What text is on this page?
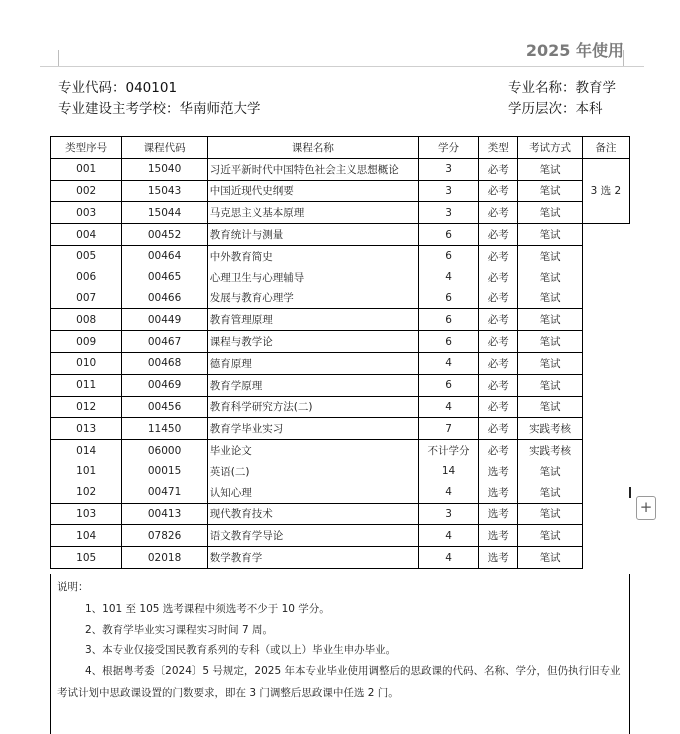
2025 年使用
专业代码：040101	专业名称：教育学
专业建设主考学校：华南师范大学	学历层次：本科
类型序号	课程代码	课程名称	学分	类型	考试方式	备注
001	15040	习近平新时代中国特色社会主义思想概论	3	必考	笔试	3 选 2
002	15043	中国近现代史纲要	3	必考	笔试	
003	15044	马克思主义基本原理	3	必考	笔试	
004	00452	教育统计与测量	6	必考	笔试	
005	00464	中外教育简史	6	必考	笔试	
006	00465	心理卫生与心理辅导	4	必考	笔试	
007	00466	发展与教育心理学	6	必考	笔试	
008	00449	教育管理原理	6	必考	笔试	
009	00467	课程与教学论	6	必考	笔试	
010	00468	德育原理	4	必考	笔试	
011	00469	教育学原理	6	必考	笔试	
012	00456	教育科学研究方法(二)	4	必考	笔试	
013	11450	教育学毕业实习	7	必考	实践考核	
014	06000	毕业论文	不计学分	必考	实践考核	
101	00015	英语(二)	14	选考	笔试	
102	00471	认知心理	4	选考	笔试	
103	00413	现代教育技术	3	选考	笔试	
104	07826	语文教育学导论	4	选考	笔试	
105	02018	数学教育学	4	选考	笔试	
说明：
1、101 至 105 选考课程中须选考不少于 10 学分。
2、教育学毕业实习课程实习时间 7 周。
3、本专业仅接受国民教育系列的专科（或以上）毕业生申办毕业。
4、根据粤考委〔2024〕5 号规定，2025 年本专业毕业使用调整后的思政课的代码、名称、学分，但仍执行旧专业
考试计划中思政课设置的门数要求，即在 3 门调整后思政课中任选 2 门。
+
